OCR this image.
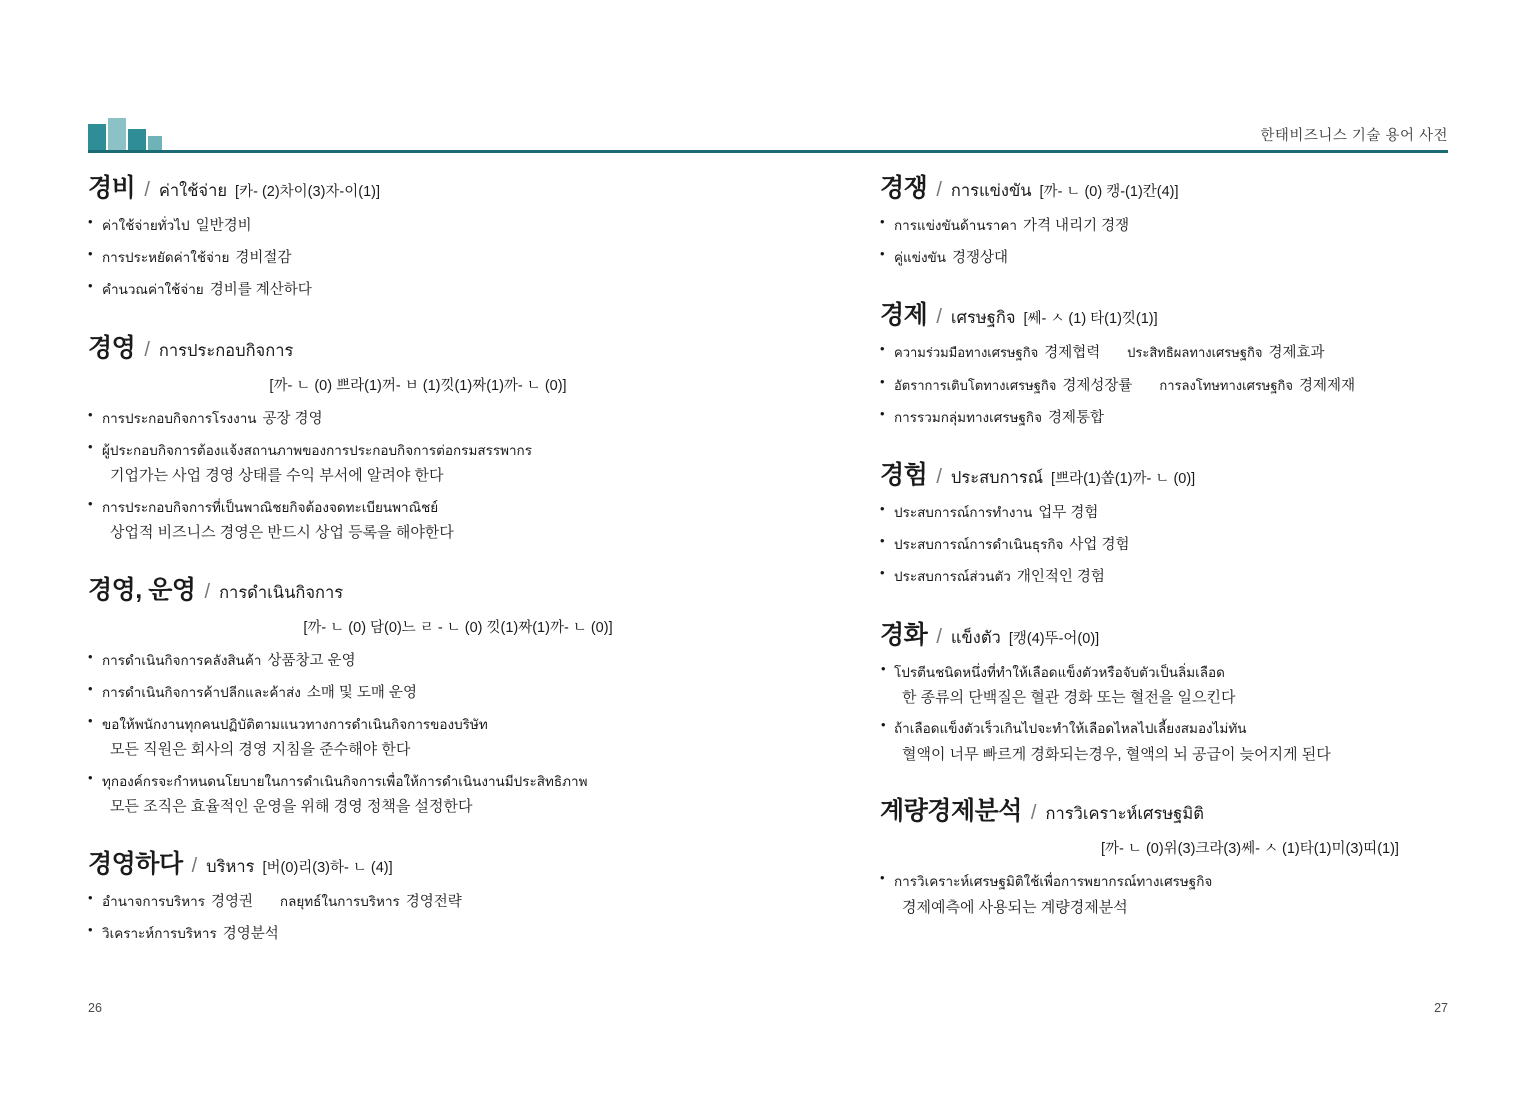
한태비즈니스 기술 용어 사전
경비 / ค่าใช้จ่าย [카- (2)차이(3)자-이(1)]
• ค่าใช้จ่ายทั่วไป 일반경비
• การประหยัดค่าใช้จ่าย 경비절감
• คำนวณค่าใช้จ่าย 경비를 계산하다
경영 / การประกอบกิจการ
[까- ㄴ (0) 쁘라(1)꺼- ㅂ (1)낏(1)짜(1)까- ㄴ (0)]
• การประกอบกิจการโรงงาน 공장 경영
• ผู้ประกอบกิจการต้องแจ้งสถานภาพของการประกอบกิจการต่อกรมสรรพากร
기업가는 사업 경영 상태를 수익 부서에 알려야 한다
• การประกอบกิจการที่เป็นพาณิชยกิจต้องจดทะเบียนพาณิชย์
상업적 비즈니스 경영은 반드시 상업 등록을 해야한다
경영, 운영 / การดำเนินกิจการ
[까- ㄴ (0) 담(0)느 ㄹ - ㄴ (0) 낏(1)짜(1)까- ㄴ (0)]
• การดำเนินกิจการคลังสินค้า 상품창고 운영
• การดำเนินกิจการค้าปลีกและค้าส่ง 소매 및 도매 운영
• ขอให้พนักงานทุกคนปฏิบัติตามแนวทางการดำเนินกิจการของบริษัท
모든 직원은 회사의 경영 지침을 준수해야 한다
• ทุกองค์กรจะกำหนดนโยบายในการดำเนินกิจการเพื่อให้การดำเนินงานมีประสิทธิภาพ
모든 조직은 효율적인 운영을 위해 경영 정책을 설정한다
경영하다 / บริหาร [버(0)리(3)하- ㄴ (4)]
• อำนาจการบริหาร 경영권 กลยุทธ์ในการบริหาร 경영전략
• วิเคราะห์การบริหาร 경영분석
경쟁 / การแข่งขัน [까- ㄴ (0) 캥-(1)칸(4)]
• การแข่งขันด้านราคา 가격 내리기 경쟁
• คู่แข่งขัน 경쟁상대
경제 / เศรษฐกิจ [쎄- ㅅ (1) 타(1)낏(1)]
• ความร่วมมือทางเศรษฐกิจ 경제협력 ประสิทธิผลทางเศรษฐกิจ 경제효과
• อัตราการเติบโตทางเศรษฐกิจ 경제성장률 การลงโทษทางเศรษฐกิจ 경제제재
• การรวมกลุ่มทางเศรษฐกิจ 경제통합
경험 / ประสบการณ์ [쁘라(1)쏩(1)까- ㄴ (0)]
• ประสบการณ์การทำงาน 업무 경험
• ประสบการณ์การดำเนินธุรกิจ 사업 경험
• ประสบการณ์ส่วนตัว 개인적인 경험
경화 / แข็งตัว [캥(4)뚜-어(0)]
• โปรตีนชนิดหนึ่งที่ทำให้เลือดแข็งตัวหรือจับตัวเป็นลิ่มเลือด
한 종류의 단백질은 혈관 경화 또는 혈전을 일으킨다
• ถ้าเลือดแข็งตัวเร็วเกินไปจะทำให้เลือดไหลไปเลี้ยงสมองไม่ทัน
혈액이 너무 빠르게 경화되는경우, 혈액의 뇌 공급이 늦어지게 된다
계량경제분석 / การวิเคราะห์เศรษฐมิติ
[까- ㄴ (0)위(3)크라(3)쎄- ㅅ (1)타(1)미(3)띠(1)]
• การวิเคราะห์เศรษฐมิติใช้เพื่อการพยากรณ์ทางเศรษฐกิจ
경제예측에 사용되는 계량경제분석
26	27
